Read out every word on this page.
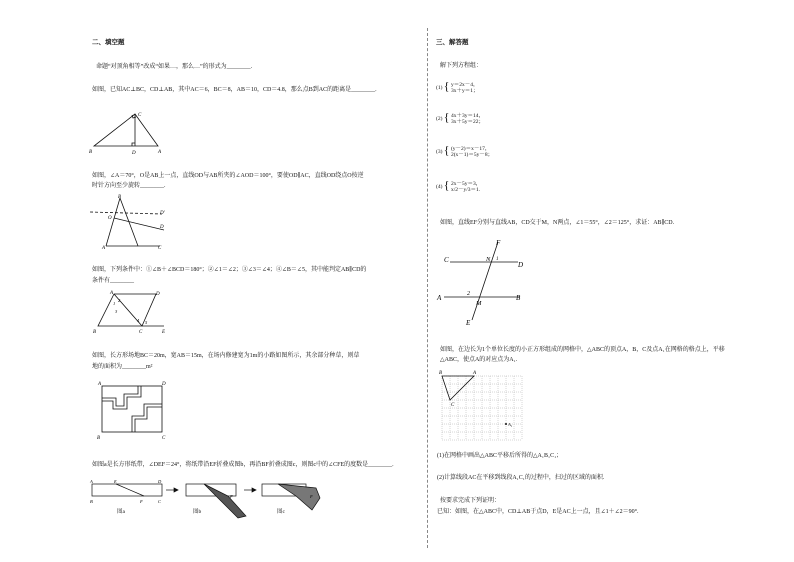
二、填空题
命题“对顶角相等”改成“如果…，那么…”的形式为________.
如图，已知AC⊥BC，CD⊥AB，其中AC＝6，BC＝8，AB＝10，CD＝4.8，那么点B到AC的距离是________.
B	D	A
C
如图，∠A＝70°，O是AB上一点，直线OD与AB所夹的∠AOD＝100°，要使OD∥AC，直线OD绕点O按逆
时针方向至少旋转________.
B
D'
O
D
A	C
如图，下列条件中：①∠B＋∠BCD＝180°；②∠1＝∠2；③∠3＝∠4；④∠B＝∠5，其中能判定AB∥CD的
条件有________
A	D
B	C	E
2
1
3
4 5
如图，长方形场地BC＝20m，宽AB＝15m，在场内修建宽为1m的小路如图所示，其余部分种草，则草
地的面积为________m²
A	D
B	C
如图a是长方形纸带，∠DEF＝24°，将纸带沿EF折叠成图b，再沿BF折叠成图c，则图c中的∠CFE的度数是________.
A	E	D
B	F	C
F	F
图a	图b	图c
三、解答题
解下列方程组：
(1) { y＝2x－4，
3x＋y＝1；
(2) { 4x＋3y＝14，
3x＋5y＝22；
(3) { (y－2)＝x－17，
2(x－1)＝5y－8；
(4) { 2x－5y＝3，
x/2－y/3＝1.
如图，直线EF分别与直线AB，CD交于M，N两点，∠1＝55°，∠2＝125°，求证：AB∥CD.
F
C	N 1
D
A	2
M
B
E
如图，在边长为1个单位长度的小正方形组成的网格中，△ABC的顶点A，B，C及点A₁在网格的格点上，平移
△ABC，使点A的对应点为A₁.
B	A
C
A₁
(1)在网格中画出△ABC平移后所得的△A₁B₁C₁；
(2)计算线段AC在平移到线段A₁C₁的过程中，扫过的区域的面积.
按要求完成下列证明：
已知：如图，在△ABC中，CD⊥AB于点D，E是AC上一点，且∠1＋∠2＝90°.
